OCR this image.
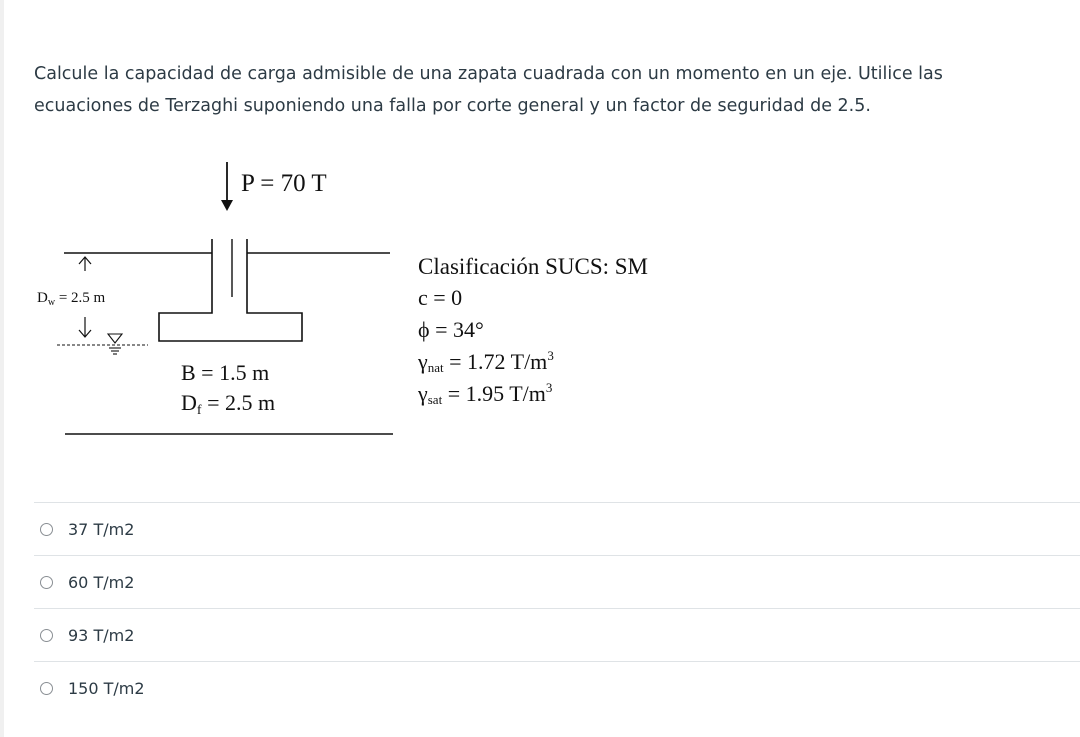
Calcule la capacidad de carga admisible de una zapata cuadrada con un momento en un eje. Utilice las

ecuaciones de Terzaghi suponiendo una falla por corte general y un factor de seguridad de 2.5.

P = 70 T
$D_w = 2.5$ m
B = 1.5 m
Df = 2.5 m
Clasificación SUCS: SM
c = 0
ϕ = 34°
γnat = 1.72 $T/m^3$
γsat = 1.95 $T/m^3$
37 T/m2
60 T/m2
93 T/m2
150 T/m2
